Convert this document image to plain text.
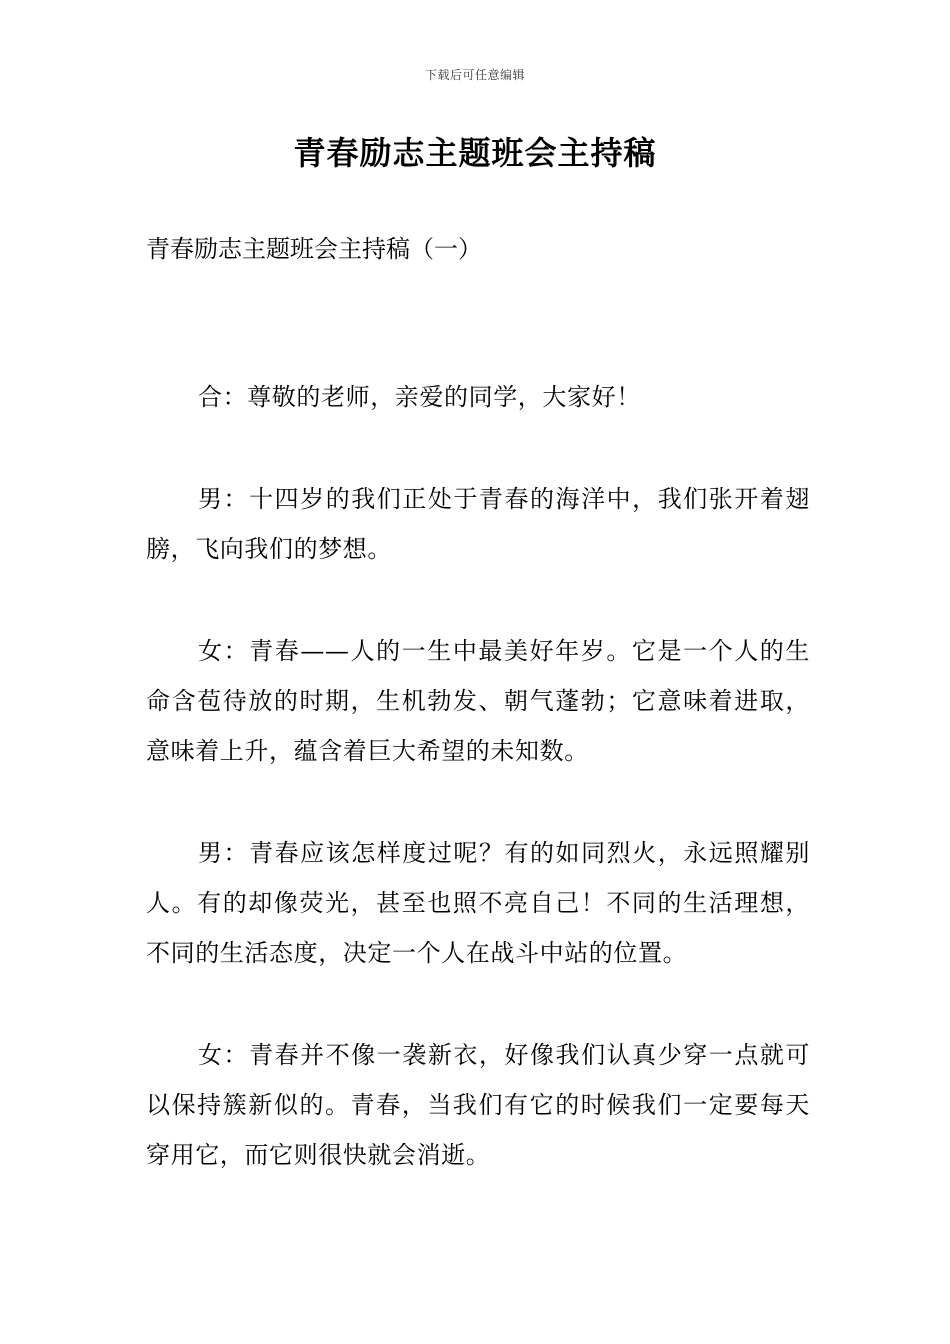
下载后可任意编辑
青春励志主题班会主持稿
青春励志主题班会主持稿（一）

合：尊敬的老师，亲爱的同学，大家好！

男：十四岁的我们正处于青春的海洋中，我们张开着翅膀，飞向我们的梦想。

女：青春——人的一生中最美好年岁。它是一个人的生命含苞待放的时期，生机勃发、朝气蓬勃；它意味着进取，意味着上升，蕴含着巨大希望的未知数。

男：青春应该怎样度过呢？有的如同烈火，永远照耀别人。有的却像荧光，甚至也照不亮自己！不同的生活理想，不同的生活态度，决定一个人在战斗中站的位置。

女：青春并不像一袭新衣，好像我们认真少穿一点就可以保持簇新似的。青春，当我们有它的时候我们一定要每天穿用它，而它则很快就会消逝。
